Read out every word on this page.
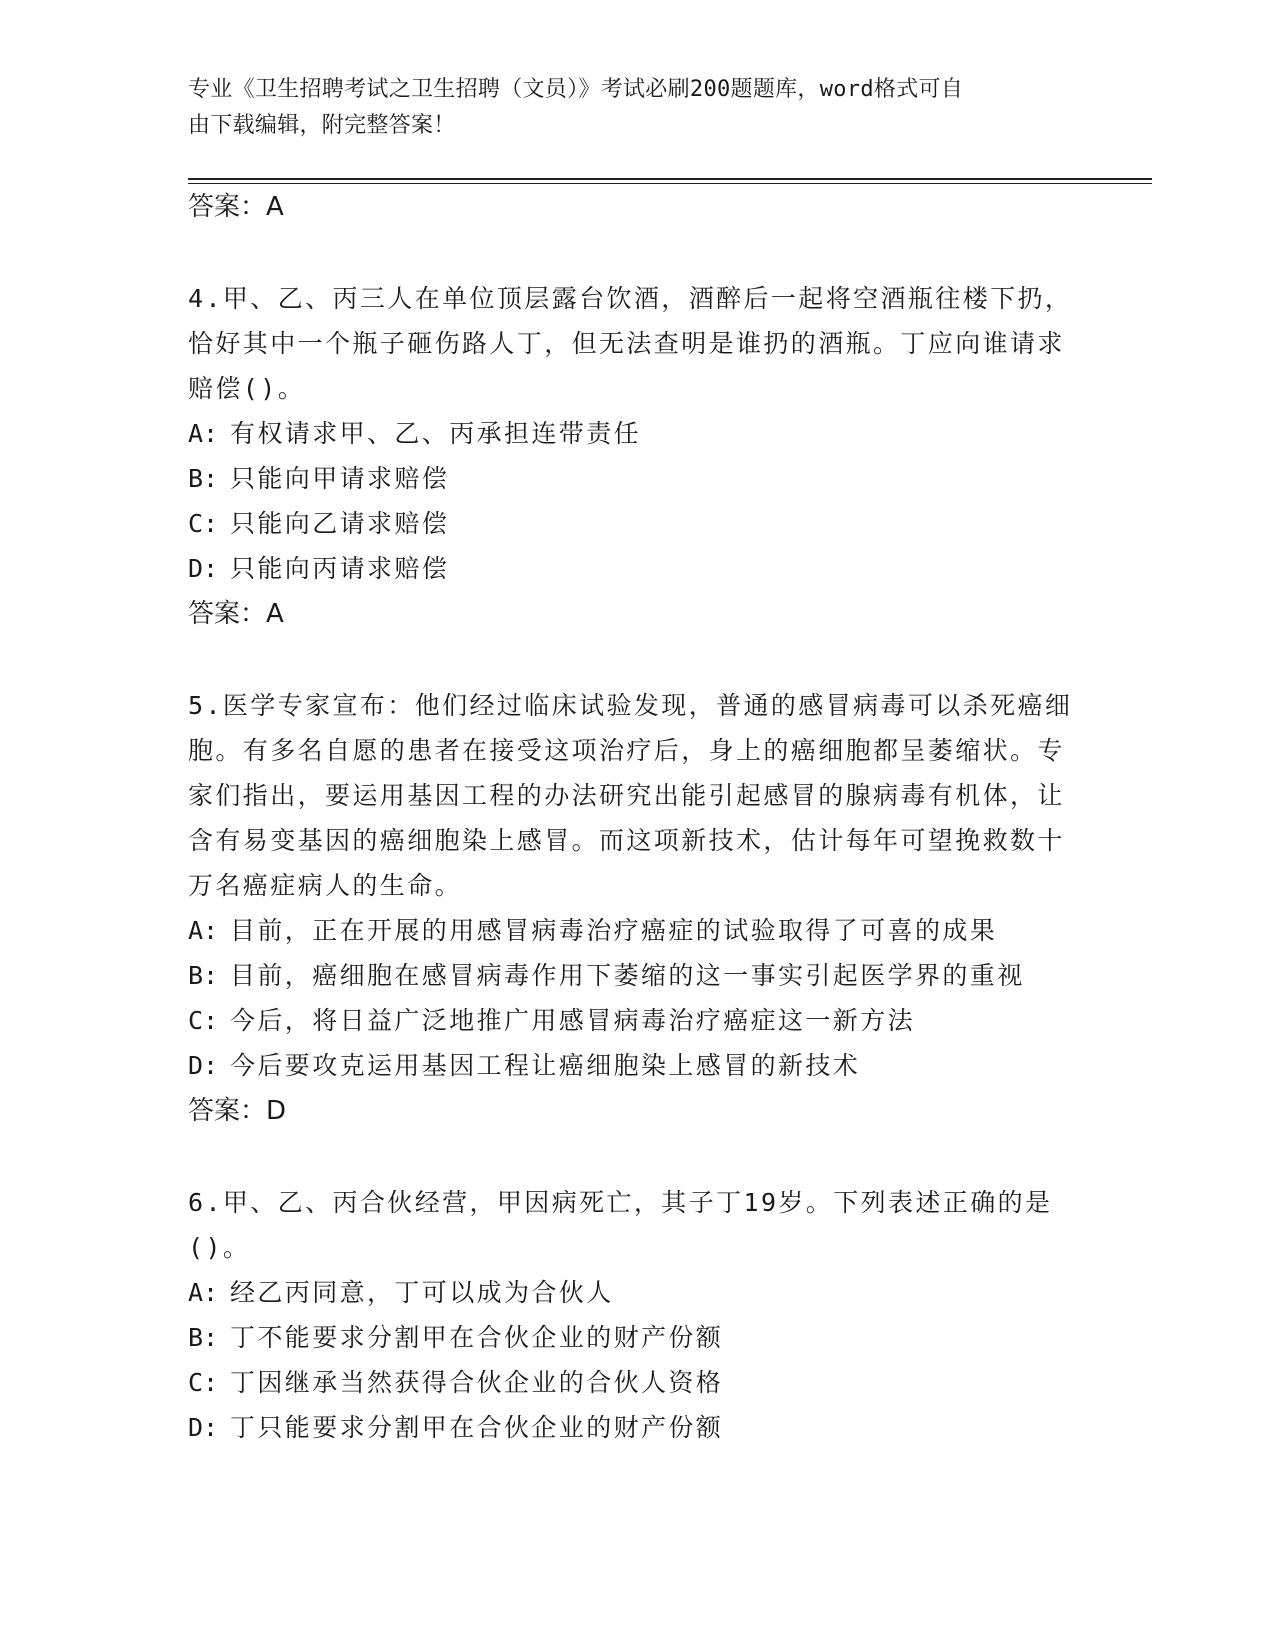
专业《卫生招聘考试之卫生招聘（文员）》考试必刷200题题库，word格式可自
由下载编辑，附完整答案！
答案：A
4.甲、乙、丙三人在单位顶层露台饮酒，酒醉后一起将空酒瓶往楼下扔，恰好其中一个瓶子砸伤路人丁，但无法查明是谁扔的酒瓶。丁应向谁请求赔偿()。
A: 有权请求甲、乙、丙承担连带责任
B: 只能向甲请求赔偿
C: 只能向乙请求赔偿
D: 只能向丙请求赔偿
答案：A
5.医学专家宣布：他们经过临床试验发现，普通的感冒病毒可以杀死癌细胞。有多名自愿的患者在接受这项治疗后，身上的癌细胞都呈萎缩状。专家们指出，要运用基因工程的办法研究出能引起感冒的腺病毒有机体，让含有易变基因的癌细胞染上感冒。而这项新技术，估计每年可望挽救数十万名癌症病人的生命。
A: 目前，正在开展的用感冒病毒治疗癌症的试验取得了可喜的成果
B: 目前，癌细胞在感冒病毒作用下萎缩的这一事实引起医学界的重视
C: 今后，将日益广泛地推广用感冒病毒治疗癌症这一新方法
D: 今后要攻克运用基因工程让癌细胞染上感冒的新技术
答案：D
6.甲、乙、丙合伙经营，甲因病死亡，其子丁19岁。下列表述正确的是()。
A: 经乙丙同意，丁可以成为合伙人
B: 丁不能要求分割甲在合伙企业的财产份额
C: 丁因继承当然获得合伙企业的合伙人资格
D: 丁只能要求分割甲在合伙企业的财产份额
